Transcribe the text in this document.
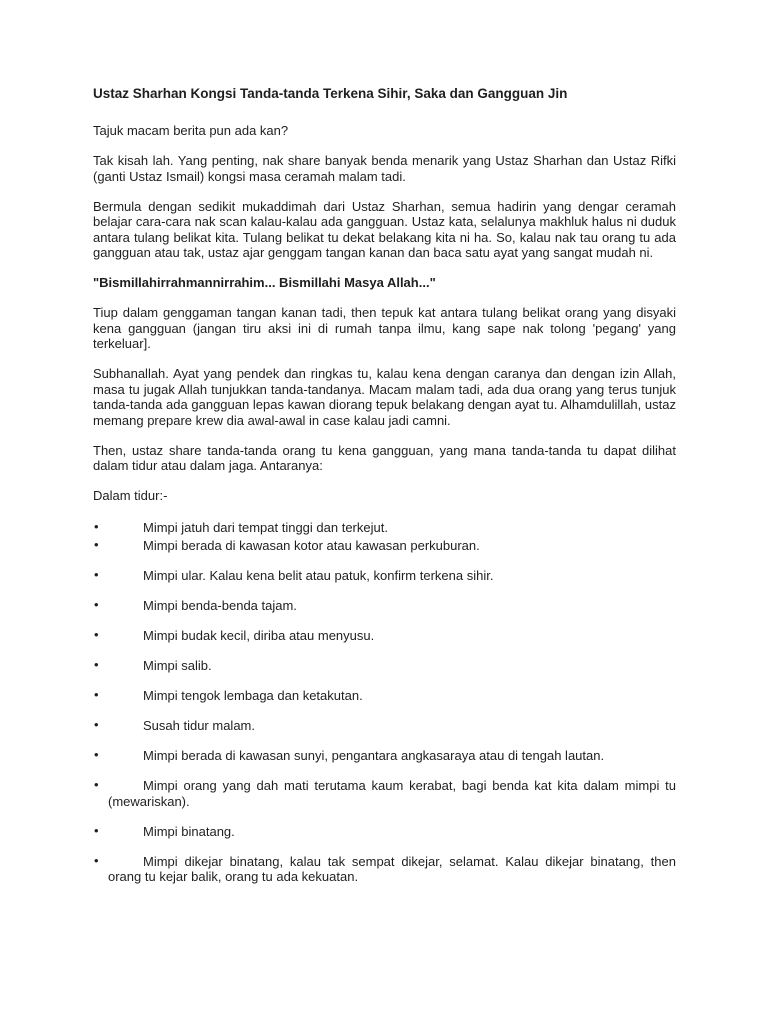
Ustaz Sharhan Kongsi Tanda-tanda Terkena Sihir, Saka dan Gangguan Jin

Tajuk macam berita pun ada kan?

Tak kisah lah. Yang penting, nak share banyak benda menarik yang Ustaz Sharhan dan Ustaz Rifki (ganti Ustaz Ismail) kongsi masa ceramah malam tadi.

Bermula dengan sedikit mukaddimah dari Ustaz Sharhan, semua hadirin yang dengar ceramah belajar cara-cara nak scan kalau-kalau ada gangguan. Ustaz kata, selalunya makhluk halus ni duduk antara tulang belikat kita. Tulang belikat tu dekat belakang kita ni ha. So, kalau nak tau orang tu ada gangguan atau tak, ustaz ajar genggam tangan kanan dan baca satu ayat yang sangat mudah ni.

"Bismillahirrahmannirrahim... Bismillahi Masya Allah..."

Tiup dalam genggaman tangan kanan tadi, then tepuk kat antara tulang belikat orang yang disyaki kena gangguan (jangan tiru aksi ini di rumah tanpa ilmu, kang sape nak tolong 'pegang' yang terkeluar].

Subhanallah. Ayat yang pendek dan ringkas tu, kalau kena dengan caranya dan dengan izin Allah, masa tu jugak Allah tunjukkan tanda-tandanya. Macam malam tadi, ada dua orang yang terus tunjuk tanda-tanda ada gangguan lepas kawan diorang tepuk belakang dengan ayat tu. Alhamdulillah, ustaz memang prepare krew dia awal-awal in case kalau jadi camni.

Then, ustaz share tanda-tanda orang tu kena gangguan, yang mana tanda-tanda tu dapat dilihat dalam tidur atau dalam jaga. Antaranya:

Dalam tidur:-

•	Mimpi jatuh dari tempat tinggi dan terkejut.
•	Mimpi berada di kawasan kotor atau kawasan perkuburan.
•	Mimpi ular. Kalau kena belit atau patuk, konfirm terkena sihir.
•	Mimpi benda-benda tajam.
•	Mimpi budak kecil, diriba atau menyusu.
•	Mimpi salib.
•	Mimpi tengok lembaga dan ketakutan.
•	Susah tidur malam.
•	Mimpi berada di kawasan sunyi, pengantara angkasaraya atau di tengah lautan.
•	Mimpi orang yang dah mati terutama kaum kerabat, bagi benda kat kita dalam mimpi tu (mewariskan).
•	Mimpi binatang.
•	Mimpi dikejar binatang, kalau tak sempat dikejar, selamat. Kalau dikejar binatang, then orang tu kejar balik, orang tu ada kekuatan.
